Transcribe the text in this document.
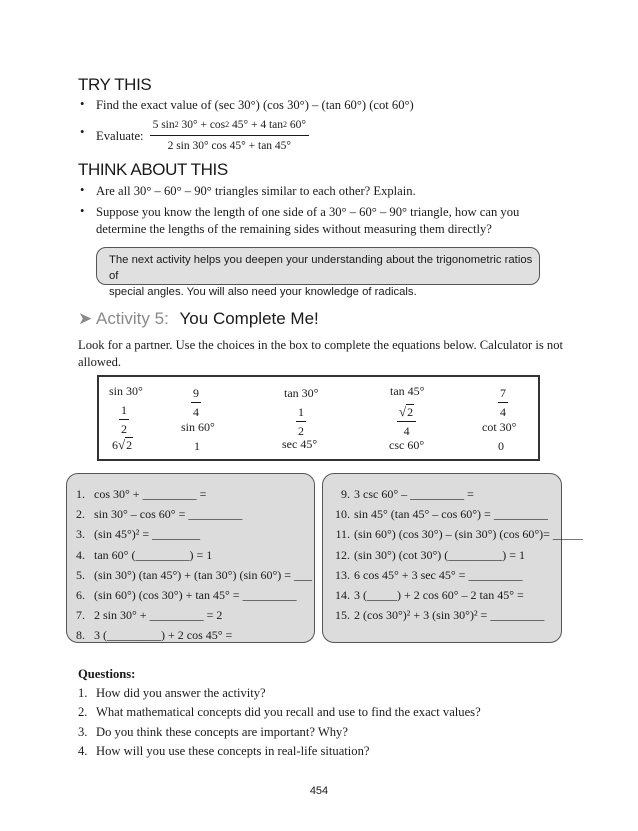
TRY THIS
• Find the exact value of (sec 30°) (cos 30°) – (tan 60°) (cot 60°)
• Evaluate: $\frac{5 \sin^2 30^\circ + \cos^2 45^\circ + 4 \tan^2 60^\circ}{2 \sin 30^\circ \cos 45^\circ + \tan 45^\circ}$
THINK ABOUT THIS
• Are all 30° – 60° – 90° triangles similar to each other? Explain.
• Suppose you know the length of one side of a 30° – 60° – 90° triangle, how can you
determine the lengths of the remaining sides without measuring them directly?
The next activity helps you deepen your understanding about the trigonometric ratios of
special angles. You will also need your knowledge of radicals.
➤ Activity 5: You Complete Me!
Look for a partner. Use the choices in the box to complete the equations below. Calculator is not allowed.
sin 30°	$\frac{9}{4}$	tan 30°	tan 45°	$\frac{7}{4}$
$\frac{1}{2}$	sin 60°	$\frac{1}{2}$	$\frac{√2}{4}$	cot 30°
6√2	1	sec 45°	csc 60°	0
1. cos 30° + _________ =
2. sin 30° – cos 60° = _________
3. (sin 45°)² = ________
4. tan 60° (_________) = 1
5. (sin 30°) (tan 45°) + (tan 30°) (sin 60°) = ___
6. (sin 60°) (cos 30°) + tan 45° = _________
7. 2 sin 30° + _________ = 2
8. 3 (_________) + 2 cos 45° =
9. 3 csc 60° – _________ =
10. sin 45° (tan 45° – cos 60°) = _________
11. (sin 60°) (cos 30°) – (sin 30°) (cos 60°)= _____
12. (sin 30°) (cot 30°) (_________) = 1
13. 6 cos 45° + 3 sec 45° = _________
14. 3 (_____) + 2 cos 60° – 2 tan 45° =
15. 2 (cos 30°)² + 3 (sin 30°)² = _________
Questions:
1. How did you answer the activity?
2. What mathematical concepts did you recall and use to find the exact values?
3. Do you think these concepts are important? Why?
4. How will you use these concepts in real-life situation?
454
